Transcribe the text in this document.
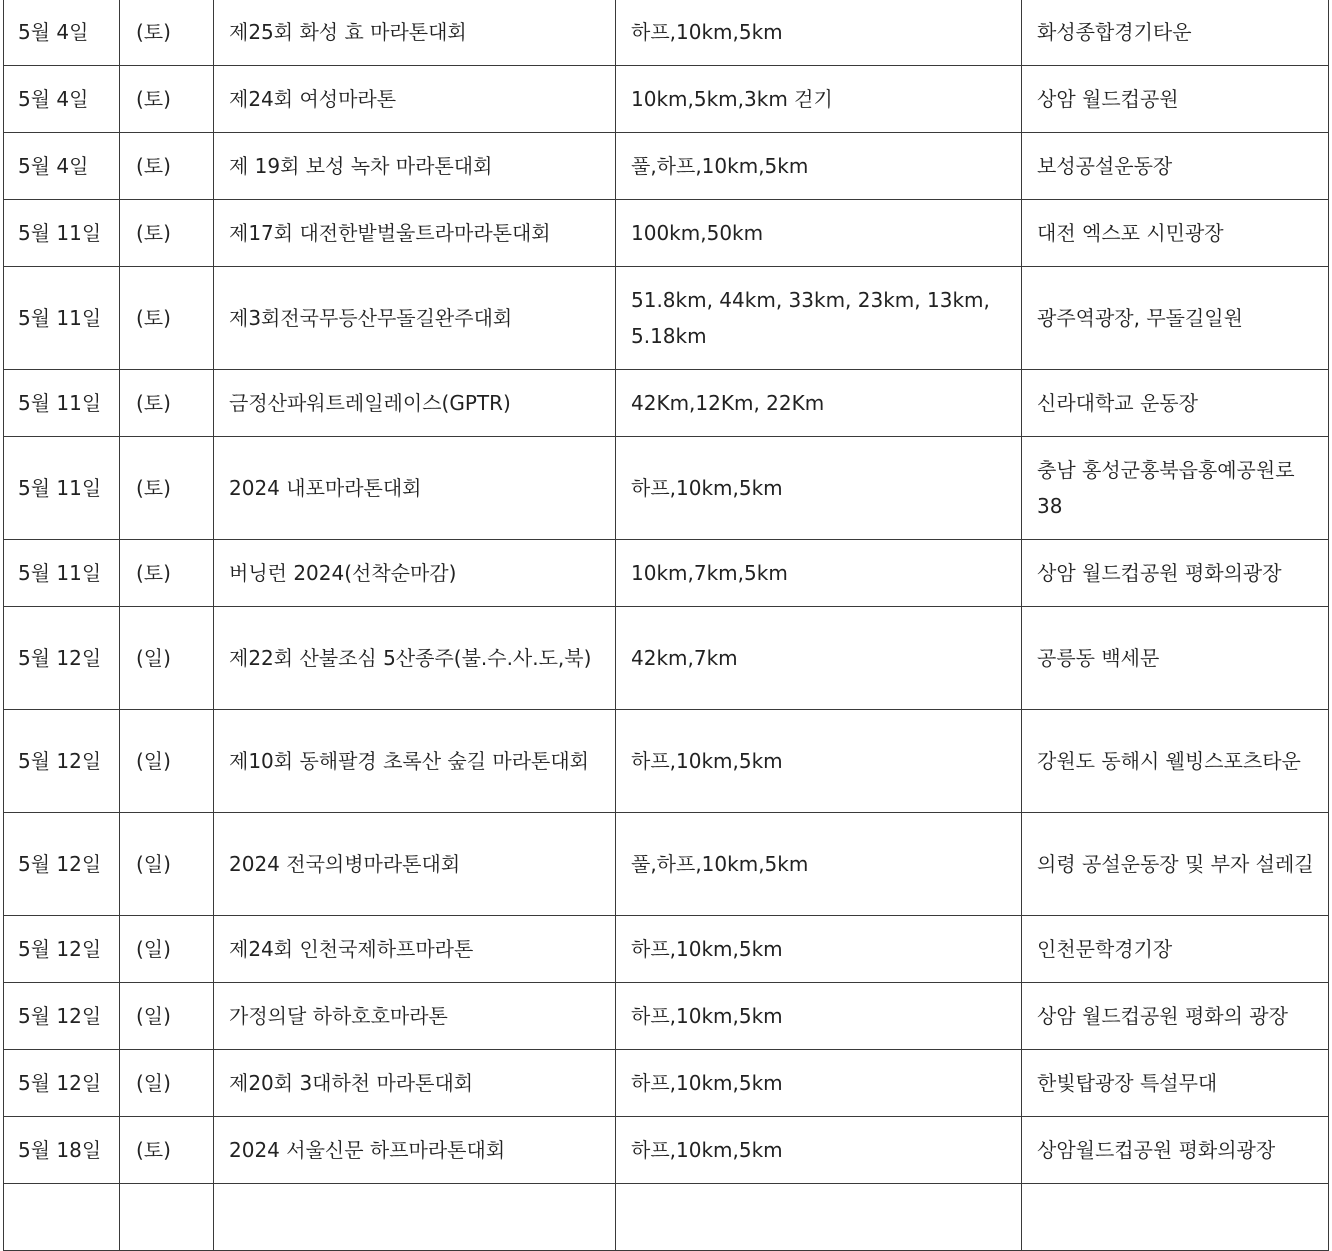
5월 4일	(토)	제25회 화성 효 마라톤대회	하프,10km,5km	화성종합경기타운
5월 4일	(토)	제24회 여성마라톤	10km,5km,3km 걷기	상암 월드컵공원
5월 4일	(토)	제 19회 보성 녹차 마라톤대회	풀,하프,10km,5km	보성공설운동장
5월 11일	(토)	제17회 대전한밭벌울트라마라톤대회	100km,50km	대전 엑스포 시민광장
5월 11일	(토)	제3회전국무등산무돌길완주대회	51.8km, 44km, 33km, 23km, 13km, 5.18km	광주역광장, 무돌길일원
5월 11일	(토)	금정산파워트레일레이스(GPTR)	42Km,12Km, 22Km	신라대학교 운동장
5월 11일	(토)	2024 내포마라톤대회	하프,10km,5km	충남 홍성군홍북읍홍예공원로 38
5월 11일	(토)	버닝런 2024(선착순마감)	10km,7km,5km	상암 월드컵공원 평화의광장
5월 12일	(일)	제22회 산불조심 5산종주(불.수.사.도,북)	42km,7km	공릉동 백세문
5월 12일	(일)	제10회 동해팔경 초록산 숲길 마라톤대회	하프,10km,5km	강원도 동해시 웰빙스포츠타운
5월 12일	(일)	2024 전국의병마라톤대회	풀,하프,10km,5km	의령 공설운동장 및 부자 설레길
5월 12일	(일)	제24회 인천국제하프마라톤	하프,10km,5km	인천문학경기장
5월 12일	(일)	가정의달 하하호호마라톤	하프,10km,5km	상암 월드컵공원 평화의 광장
5월 12일	(일)	제20회 3대하천 마라톤대회	하프,10km,5km	한빛탑광장 특설무대
5월 18일	(토)	2024 서울신문 하프마라톤대회	하프,10km,5km	상암월드컵공원 평화의광장
